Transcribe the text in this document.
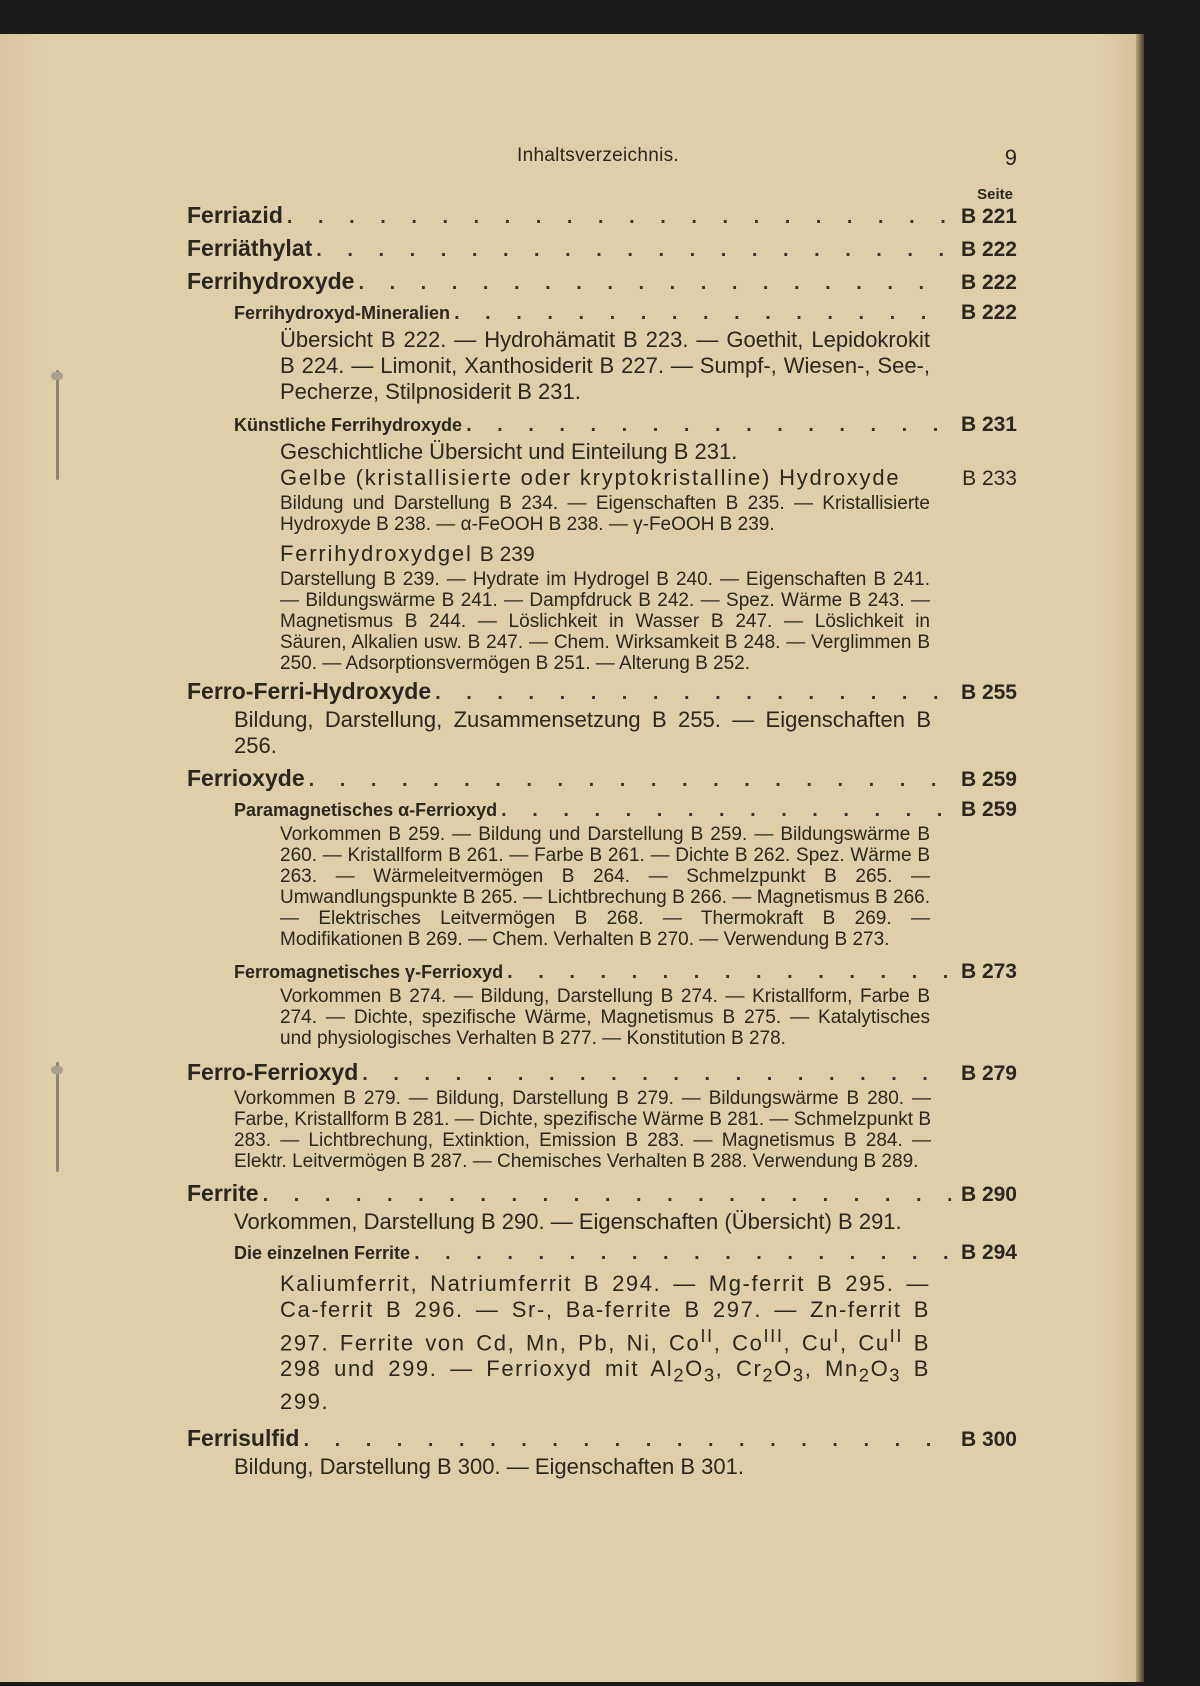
Inhaltsverzeichnis.	9
Seite
Ferriazid . . .	B 221
Ferriäthylat . . .	B 222
Ferrihydroxyde . . .	B 222
Ferrihydroxyd-Mineralien . . .	B 222
Übersicht B 222. — Hydrohämatit B 223. — Goethit, Lepidokrokit B 224. — Limonit, Xanthosiderit B 227. — Sumpf-, Wiesen-, See-, Pecherze, Stilpnosiderit B 231.
Künstliche Ferrihydroxyde . . .	B 231
Geschichtliche Übersicht und Einteilung B 231.
Gelbe (kristallisierte oder kryptokristalline) Hydroxyde	B 233
Bildung und Darstellung B 234. — Eigenschaften B 235. — Kristallisierte Hydroxyde B 238. — α-FeOOH B 238. — γ-FeOOH B 239.
Ferrihydroxydgel B 239
Darstellung B 239. — Hydrate im Hydrogel B 240. — Eigenschaften B 241. — Bildungswärme B 241. — Dampfdruck B 242. — Spez. Wärme B 243. — Magnetismus B 244. — Löslichkeit in Wasser B 247. — Löslichkeit in Säuren, Alkalien usw. B 247. — Chem. Wirksamkeit B 248. — Verglimmen B 250. — Adsorptionsvermögen B 251. — Alterung B 252.
Ferro-Ferri-Hydroxyde . . .	B 255
Bildung, Darstellung, Zusammensetzung B 255. — Eigenschaften B 256.
Ferrioxyde . . .	B 259
Paramagnetisches α-Ferrioxyd . . .	B 259
Vorkommen B 259. — Bildung und Darstellung B 259. — Bildungswärme B 260. — Kristallform B 261. — Farbe B 261. — Dichte B 262. Spez. Wärme B 263. — Wärmeleitvermögen B 264. — Schmelzpunkt B 265. — Umwandlungspunkte B 265. — Lichtbrechung B 266. — Magnetismus B 266. — Elektrisches Leitvermögen B 268. — Thermokraft B 269. — Modifikationen B 269. — Chem. Verhalten B 270. — Verwendung B 273.
Ferromagnetisches γ-Ferrioxyd . . .	B 273
Vorkommen B 274. — Bildung, Darstellung B 274. — Kristallform, Farbe B 274. — Dichte, spezifische Wärme, Magnetismus B 275. — Katalytisches und physiologisches Verhalten B 277. — Konstitution B 278.
Ferro-Ferrioxyd . . .	B 279
Vorkommen B 279. — Bildung, Darstellung B 279. — Bildungswärme B 280. — Farbe, Kristallform B 281. — Dichte, spezifische Wärme B 281. — Schmelzpunkt B 283. — Lichtbrechung, Extinktion, Emission B 283. — Magnetismus B 284. — Elektr. Leitvermögen B 287. — Chemisches Verhalten B 288. Verwendung B 289.
Ferrite . . .	B 290
Vorkommen, Darstellung B 290. — Eigenschaften (Übersicht) B 291.
Die einzelnen Ferrite . . .	B 294
Kaliumferrit, Natriumferrit B 294. — Mg-ferrit B 295. — Ca-ferrit B 296. — Sr-, Ba-ferrite B 297. — Zn-ferrit B 297. Ferrite von Cd, Mn, Pb, Ni, $Co^{II}$, $Co^{III}$, $Cu^I$, $Cu^{II}$ B 298 und 299. — Ferrioxyd mit $Al_2O_3$, $Cr_2O_3$, $Mn_2O_3$ B 299.
Ferrisulfid . . .	B 300
Bildung, Darstellung B 300. — Eigenschaften B 301.
